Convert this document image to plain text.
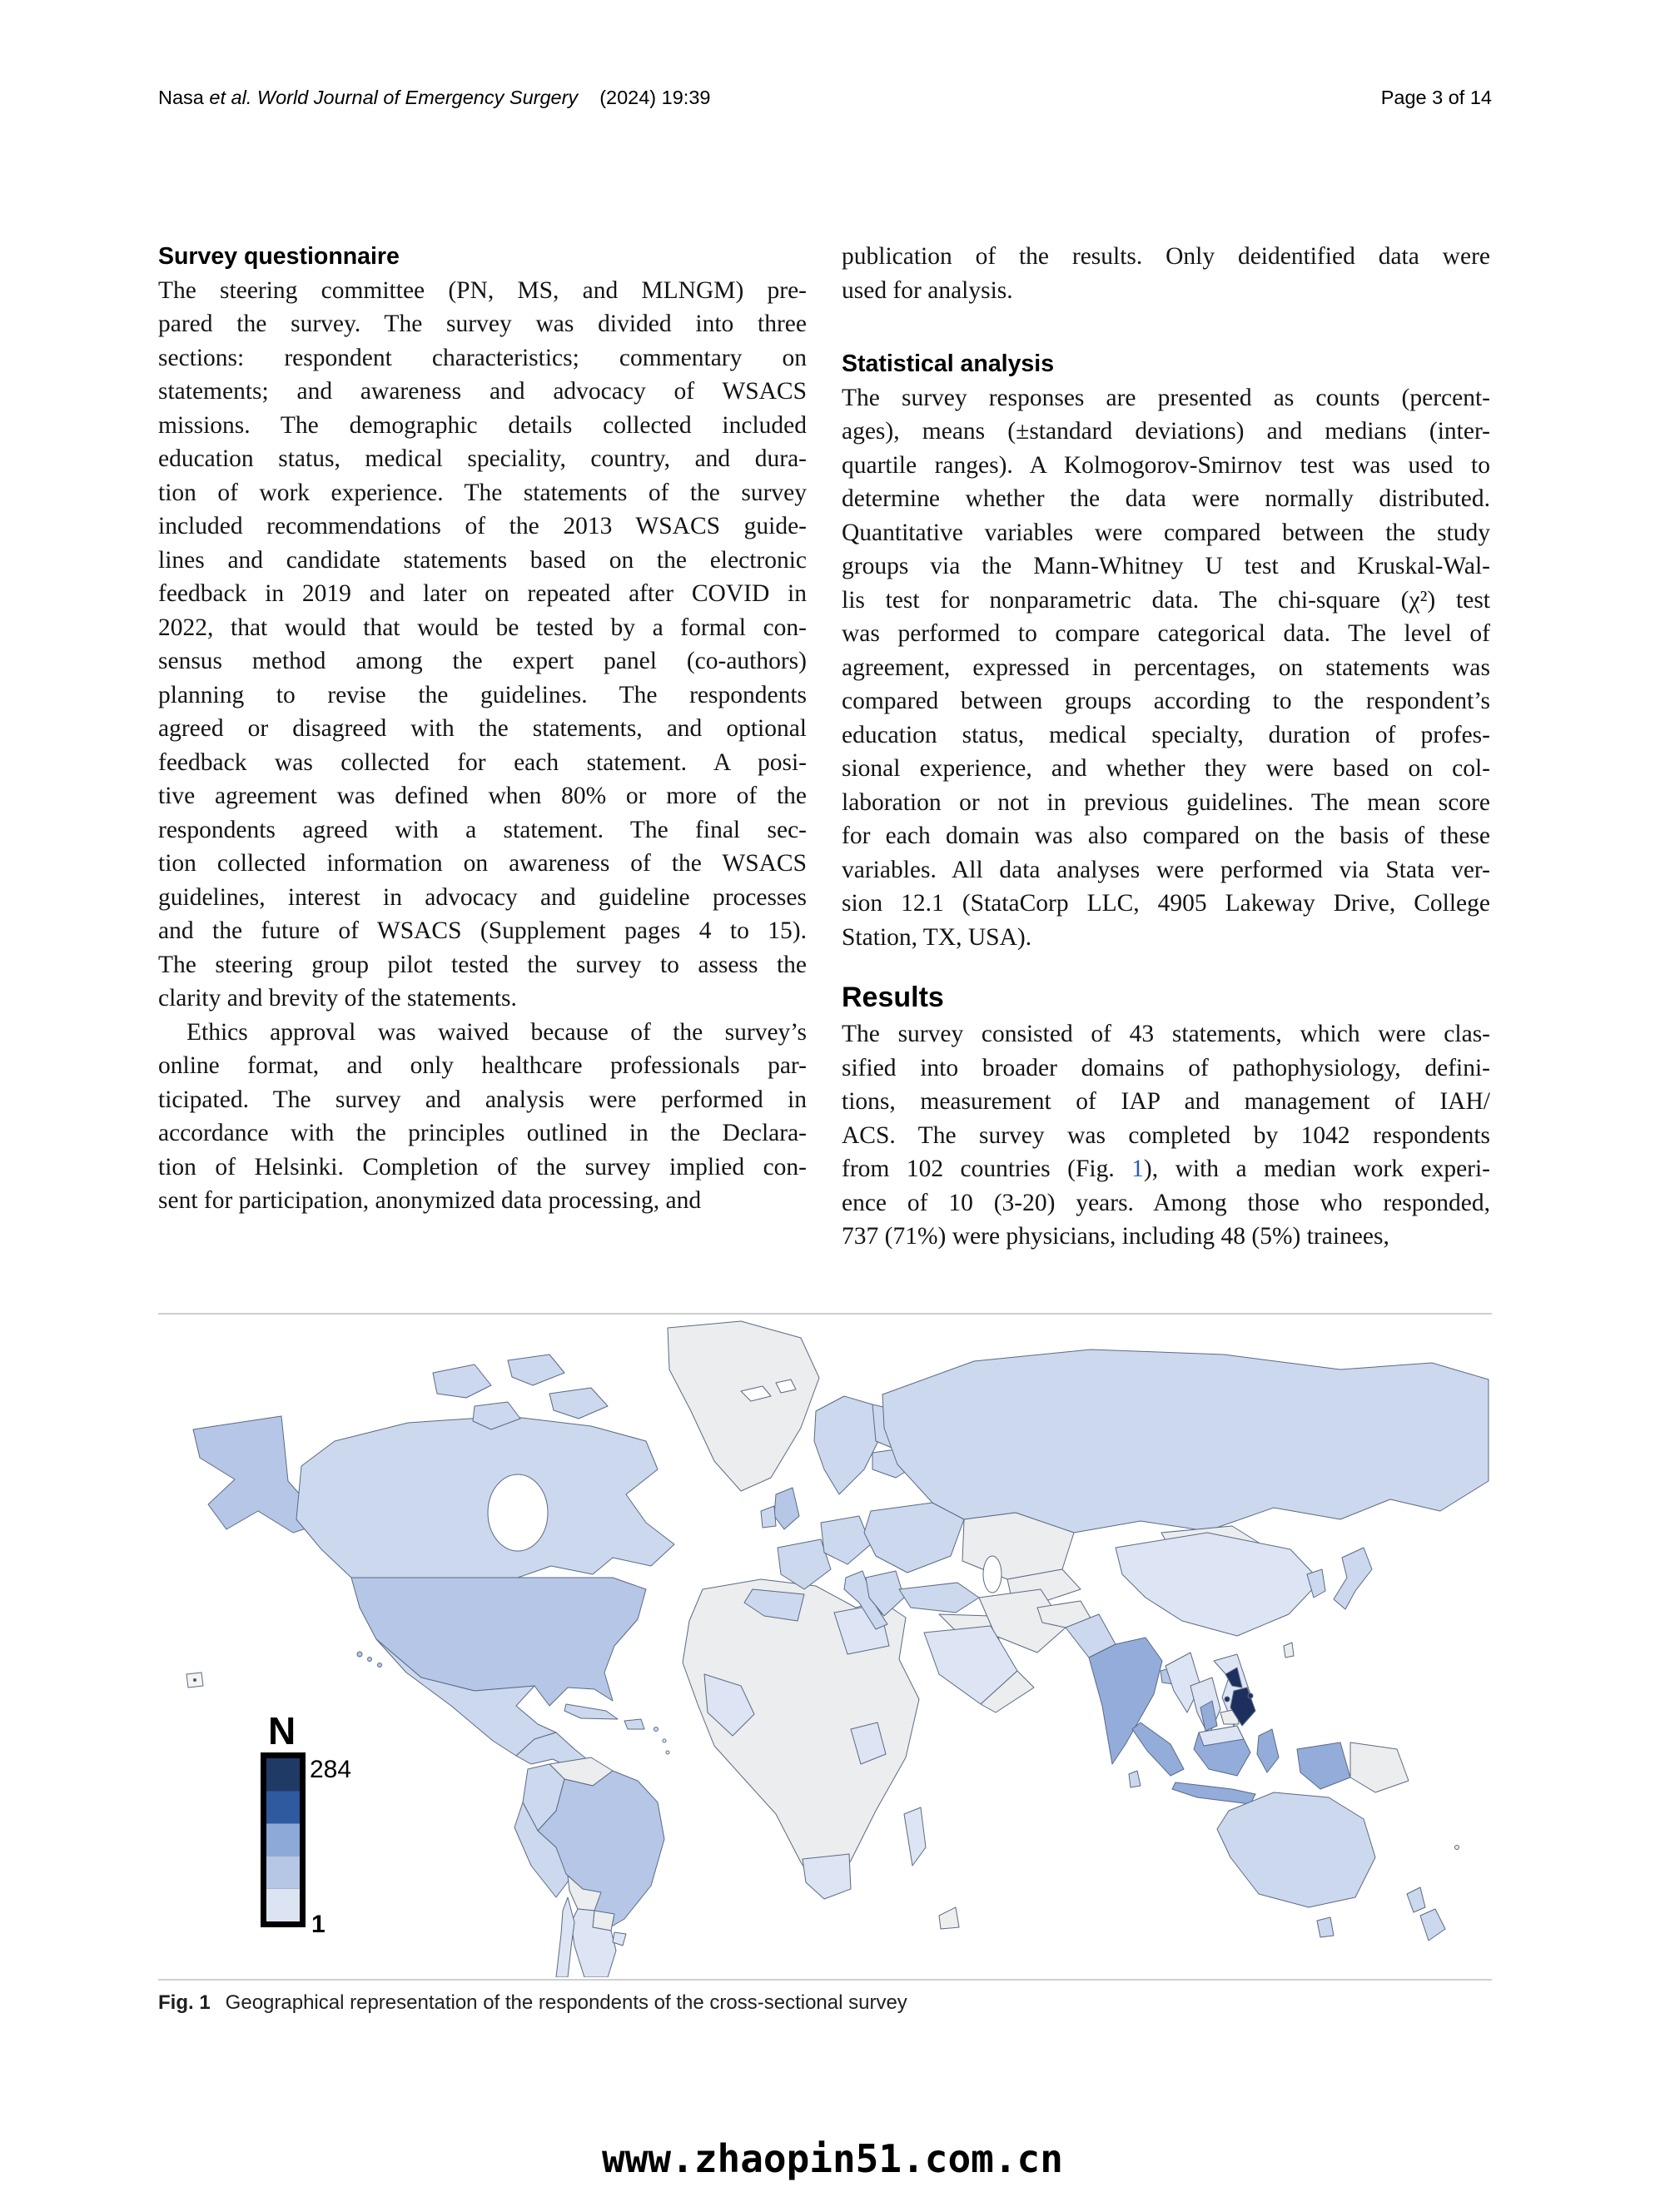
Nasa et al. World Journal of Emergency Surgery (2024) 19:39	Page 3 of 14
Survey questionnaire
The steering committee (PN, MS, and MLNGM) pre-
pared the survey. The survey was divided into three
sections: respondent characteristics; commentary on
statements; and awareness and advocacy of WSACS
missions. The demographic details collected included
education status, medical speciality, country, and dura-
tion of work experience. The statements of the survey
included recommendations of the 2013 WSACS guide-
lines and candidate statements based on the electronic
feedback in 2019 and later on repeated after COVID in
2022, that would that would be tested by a formal con-
sensus method among the expert panel (co-authors)
planning to revise the guidelines. The respondents
agreed or disagreed with the statements, and optional
feedback was collected for each statement. A posi-
tive agreement was defined when 80% or more of the
respondents agreed with a statement. The final sec-
tion collected information on awareness of the WSACS
guidelines, interest in advocacy and guideline processes
and the future of WSACS (Supplement pages 4 to 15).
The steering group pilot tested the survey to assess the
clarity and brevity of the statements.
Ethics approval was waived because of the survey’s
online format, and only healthcare professionals par-
ticipated. The survey and analysis were performed in
accordance with the principles outlined in the Declara-
tion of Helsinki. Completion of the survey implied con-
sent for participation, anonymized data processing, and
publication of the results. Only deidentified data were
used for analysis.
Statistical analysis
The survey responses are presented as counts (percent-
ages), means (±standard deviations) and medians (inter-
quartile ranges). A Kolmogorov-Smirnov test was used to
determine whether the data were normally distributed.
Quantitative variables were compared between the study
groups via the Mann-Whitney U test and Kruskal-Wal-
lis test for nonparametric data. The chi-square (χ²) test
was performed to compare categorical data. The level of
agreement, expressed in percentages, on statements was
compared between groups according to the respondent’s
education status, medical specialty, duration of profes-
sional experience, and whether they were based on col-
laboration or not in previous guidelines. The mean score
for each domain was also compared on the basis of these
variables. All data analyses were performed via Stata ver-
sion 12.1 (StataCorp LLC, 4905 Lakeway Drive, College
Station, TX, USA).
Results
The survey consisted of 43 statements, which were clas-
sified into broader domains of pathophysiology, defini-
tions, measurement of IAP and management of IAH/
ACS. The survey was completed by 1042 respondents
from 102 countries (Fig. 1), with a median work experi-
ence of 10 (3-20) years. Among those who responded,
737 (71%) were physicians, including 48 (5%) trainees,
N
284
1
Fig. 1 Geographical representation of the respondents of the cross-sectional survey
www.zhaopin51.com.cn
